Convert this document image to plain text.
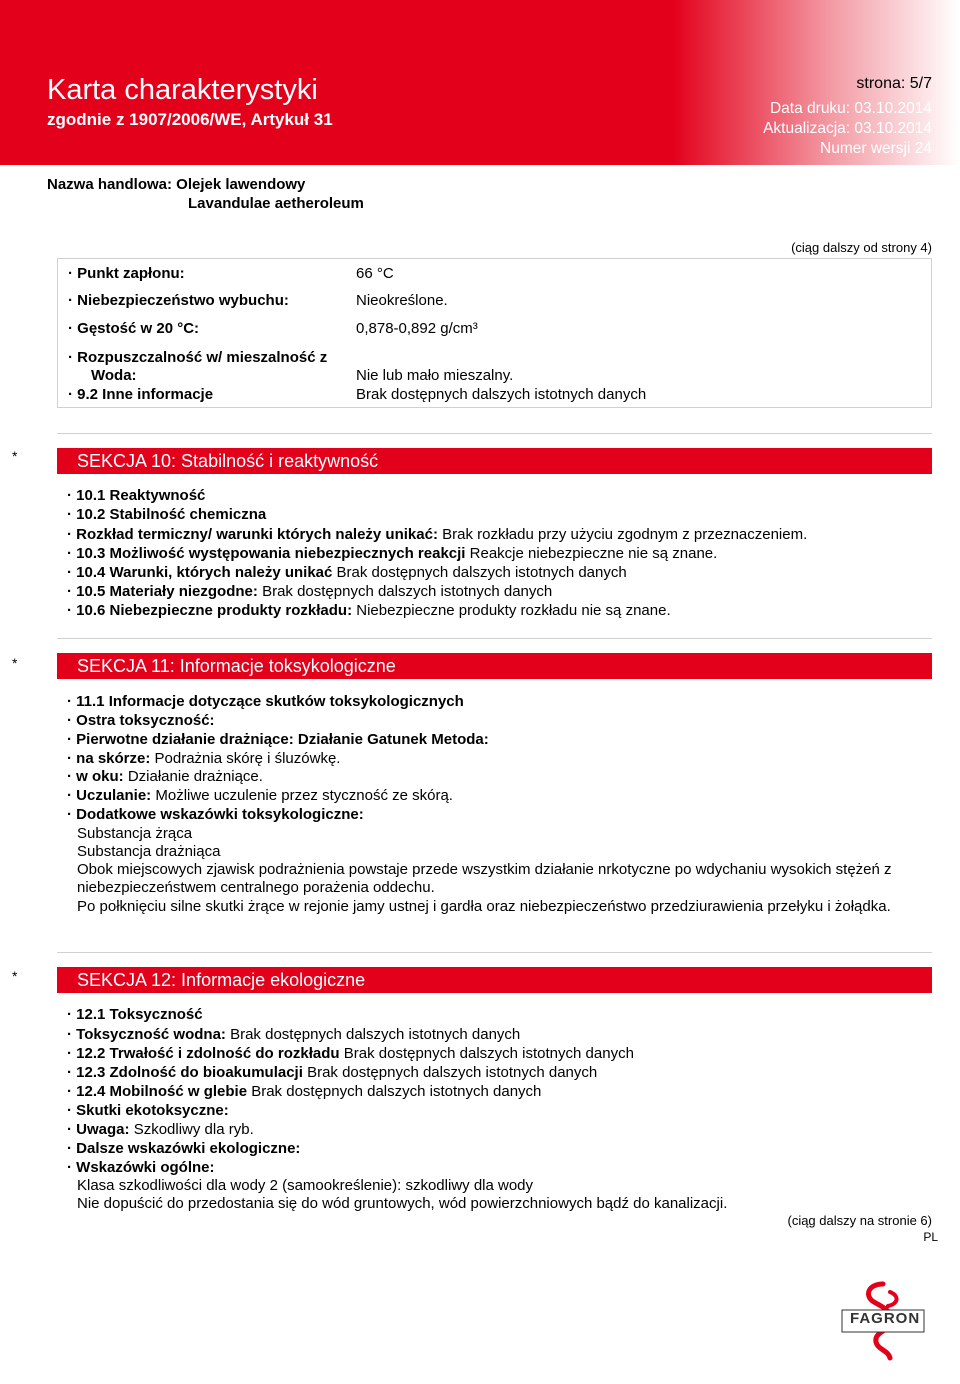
Karta charakterystyki
zgodnie z 1907/2006/WE, Artykuł 31
strona: 5/7
Data druku: 03.10.2014
Aktualizacja: 03.10.2014
Numer wersji 24
Nazwa handlowa: Olejek lawendowy
Lavandulae aetheroleum
(ciąg dalszy od strony 4)
· Punkt zapłonu:	66 °C
· Niebezpieczeństwo wybuchu:	Nieokreślone.
· Gęstość w 20 °C:	0,878-0,892 g/cm³
· Rozpuszczalność w/ mieszalność z
Woda:	Nie lub mało mieszalny.
· 9.2 Inne informacje	Brak dostępnych dalszych istotnych danych
*	SEKCJA 10: Stabilność i reaktywność
· 10.1 Reaktywność
· 10.2 Stabilność chemiczna
· Rozkład termiczny/ warunki których należy unikać: Brak rozkładu przy użyciu zgodnym z przeznaczeniem.
· 10.3 Możliwość występowania niebezpiecznych reakcji Reakcje niebezpieczne nie są znane.
· 10.4 Warunki, których należy unikać Brak dostępnych dalszych istotnych danych
· 10.5 Materiały niezgodne: Brak dostępnych dalszych istotnych danych
· 10.6 Niebezpieczne produkty rozkładu: Niebezpieczne produkty rozkładu nie są znane.
*	SEKCJA 11: Informacje toksykologiczne
· 11.1 Informacje dotyczące skutków toksykologicznych
· Ostra toksyczność:
· Pierwotne działanie drażniące: Działanie Gatunek Metoda:
· na skórze: Podrażnia skórę i śluzówkę.
· w oku: Działanie drażniące.
· Uczulanie: Możliwe uczulenie przez styczność ze skórą.
· Dodatkowe wskazówki toksykologiczne:
Substancja żrąca
Substancja drażniąca
Obok miejscowych zjawisk podrażnienia powstaje przede wszystkim działanie nrkotyczne po wdychaniu wysokich stężeń z niebezpieczeństwem centralnego porażenia oddechu.
Po połknięciu silne skutki żrące w rejonie jamy ustnej i gardła oraz niebezpieczeństwo przedziurawienia przełyku i żołądka.
*	SEKCJA 12: Informacje ekologiczne
· 12.1 Toksyczność
· Toksyczność wodna: Brak dostępnych dalszych istotnych danych
· 12.2 Trwałość i zdolność do rozkładu Brak dostępnych dalszych istotnych danych
· 12.3 Zdolność do bioakumulacji Brak dostępnych dalszych istotnych danych
· 12.4 Mobilność w glebie Brak dostępnych dalszych istotnych danych
· Skutki ekotoksyczne:
· Uwaga: Szkodliwy dla ryb.
· Dalsze wskazówki ekologiczne:
· Wskazówki ogólne:
Klasa szkodliwości dla wody 2 (samookreślenie): szkodliwy dla wody
Nie dopuścić do przedostania się do wód gruntowych, wód powierzchniowych bądź do kanalizacji.
(ciąg dalszy na stronie 6)
PL
FAGRON
